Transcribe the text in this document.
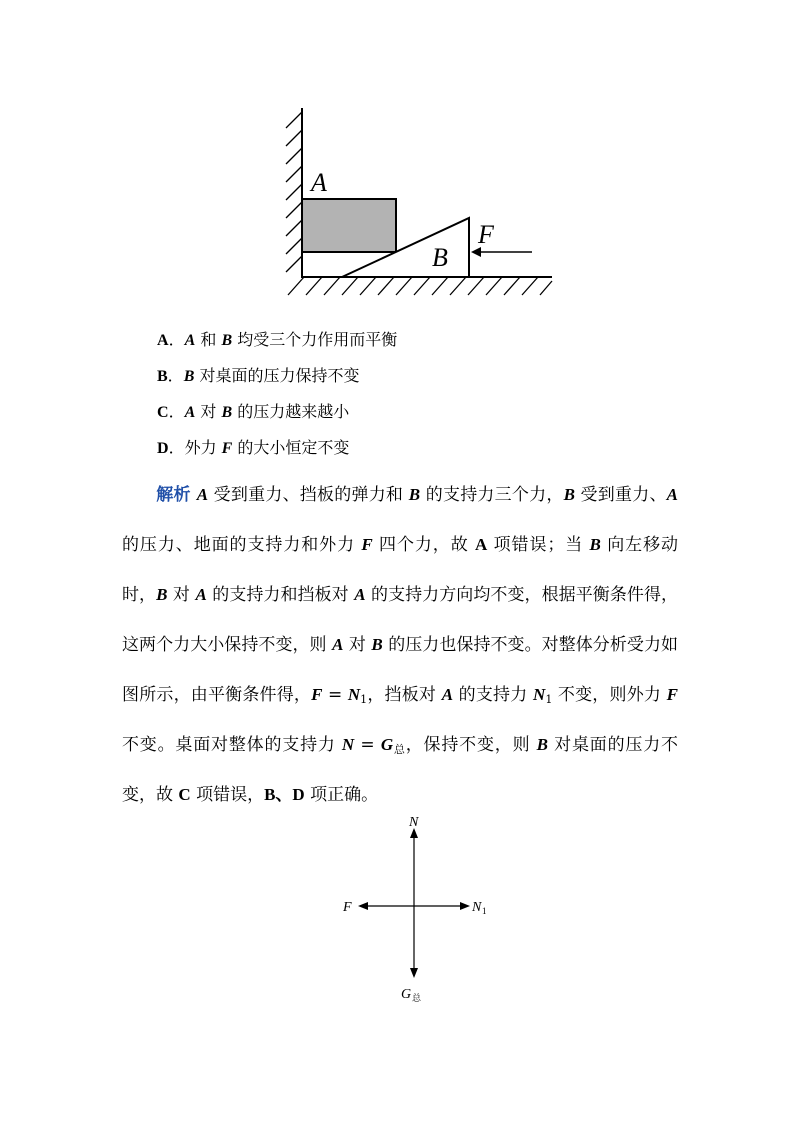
A
B
F
A．A 和 B 均受三个力作用而平衡
B．B 对桌面的压力保持不变
C．A 对 B 的压力越来越小
D．外力 F 的大小恒定不变
解析 A 受到重力、挡板的弹力和 B 的支持力三个力，B 受到重力、A 的压力、地面的支持力和外力 F 四个力，故 A 项错误；当 B 向左移动时，B 对 A 的支持力和挡板对 A 的支持力方向均不变，根据平衡条件得，这两个力大小保持不变，则 A 对 B 的压力也保持不变。对整体分析受力如图所示，由平衡条件得，$F = N_1$，挡板对 A 的支持力 $N_1$ 不变，则外力 F 不变。桌面对整体的支持力 $N = G_总$，保持不变，则 B 对桌面的压力不变，故 C 项错误，B、D 项正确。
N
F	N 1
G 总
